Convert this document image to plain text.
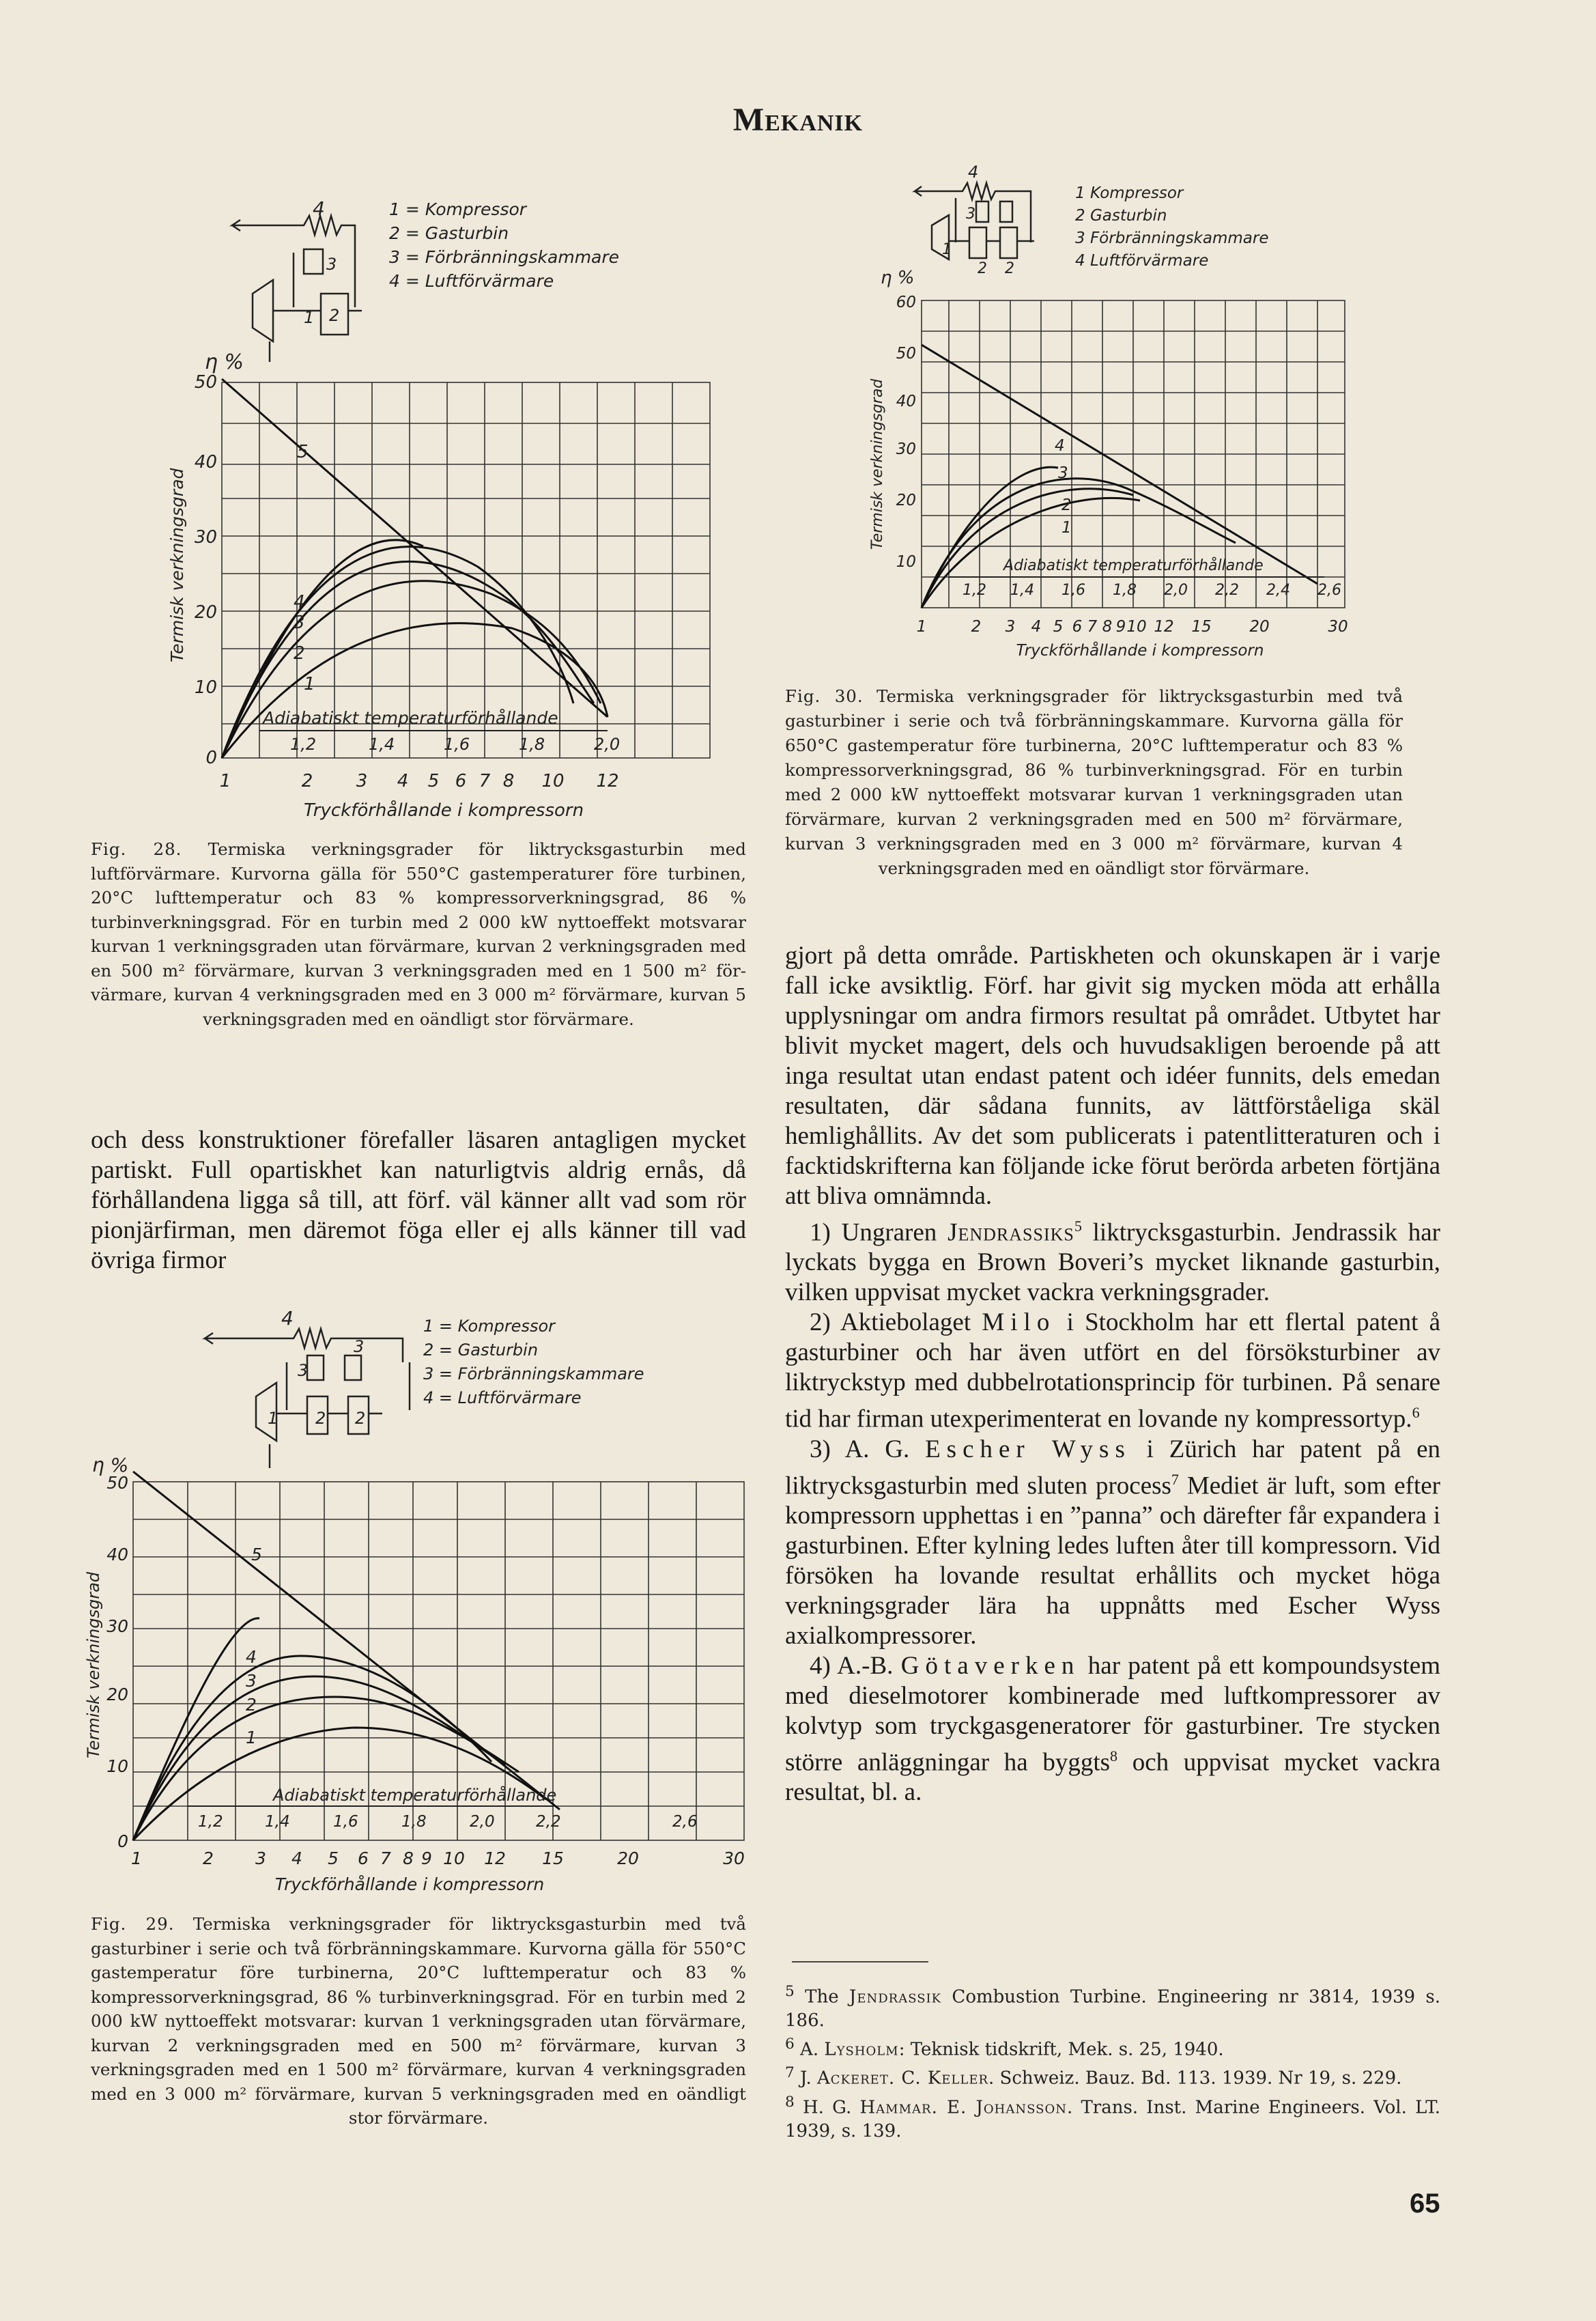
Mekanik
4
1 2
3
1 = Kompressor
2 = Gasturbin
3 = Förbränningskammare
4 = Luftförvärmare
η %
5
4
3
2
1
Adiabatiskt temperaturförhållande
1,2	1,4	1,6	1,8	2,0
0
10
20
30
40
50
Termisk verkningsgrad
1	2 3 4 5 6 7 8 10 12
Tryckförhållande i kompressorn
Fig. 28. Termiska verkningsgrader för liktrycksgasturbin med luftförvärmare. Kurvorna gälla för 550°C gastemperaturer före turbinen, 20°C lufttemperatur och 83 % kompressorverkningsgrad, 86 % turbinverkningsgrad. För en turbin med 2 000 kW nyttoeffekt motsvarar kurvan 1 verkningsgraden utan förvärmare, kurvan 2 verkningsgraden med en 500 m² förvärmare, kurvan 3 verkningsgraden med en 1 500 m² förvärmare, kurvan 4 verkningsgraden med en 3 000 m² förvärmare, kurvan 5 verkningsgraden med en oändligt stor förvärmare.

och dess konstruktioner förefaller läsaren antagligen mycket partiskt. Full opartiskhet kan naturligtvis aldrig ernås, då förhållandena ligga så till, att förf. väl känner allt vad som rör pionjärfirman, men däremot föga eller ej alls känner till vad övriga firmor

4
1 2 2
3
3
1 = Kompressor
2 = Gasturbin
3 = Förbränningskammare
4 = Luftförvärmare
η %
5
4
3
2
1
Adiabatiskt temperaturförhållande
1,2	1,4	1,6	1,8	2,0	2,2	2,6
0
10
20
30
40
50
Termisk verkningsgrad
1	2 3 4 5 6 7 8 9 10 12 15	20	30
Tryckförhållande i kompressorn
Fig. 29. Termiska verkningsgrader för liktrycksgasturbin med två gasturbiner i serie och två förbränningskammare. Kurvorna gälla för 550°C gastemperatur före turbinerna, 20°C lufttemperatur och 83 % kompressorverkningsgrad, 86 % turbinverkningsgrad. För en turbin med 2 000 kW nyttoeffekt motsvarar: kurvan 1 verkningsgraden utan förvärmare, kurvan 2 verkningsgraden med en 500 m² förvärmare, kurvan 3 verkningsgraden med en 1 500 m² förvärmare, kurvan 4 verkningsgraden med en 3 000 m² förvärmare, kurvan 5 verkningsgraden med en oändligt stor förvärmare.
4
1
2 2
3
1 Kompressor
2 Gasturbin
3 Förbränningskammare
4 Luftförvärmare
η %
4
3
2
1
Adiabatiskt temperaturförhållande
1,2 1,4 1,6 1,8 2,0 2,2 2,4 2,6
10
20
30
40
50
60
Termisk verkningsgrad
1	2 3 4 5 6 7 8 9 10 12 15 20	30
Tryckförhållande i kompressorn
Fig. 30. Termiska verkningsgrader för liktrycksgasturbin med två gasturbiner i serie och två förbränningskammare. Kurvorna gälla för 650°C gastemperatur före turbinerna, 20°C lufttemperatur och 83 % kompressorverkningsgrad, 86 % turbinverkningsgrad. För en turbin med 2 000 kW nyttoeffekt motsvarar kurvan 1 verkningsgraden utan förvärmare, kurvan 2 verkningsgraden med en 500 m² förvärmare, kurvan 3 verkningsgraden med en 3 000 m² förvärmare, kurvan 4 verkningsgraden med en oändligt stor förvärmare.

gjort på detta område. Partiskheten och okunskapen är i varje fall icke avsiktlig. Förf. har givit sig mycken möda att erhålla upplysningar om andra firmors resultat på området. Utbytet har blivit mycket magert, dels och huvudsakligen beroende på att inga resultat utan endast patent och idéer funnits, dels emedan resultaten, där sådana funnits, av lättförståeliga skäl hemlighållits. Av det som publicerats i patentlitteraturen och i facktidskrifterna kan följande icke förut berörda arbeten förtjäna att bliva omnämnda.

1) Ungraren Jendrassiks$^5$ liktrycksgasturbin. Jendrassik har lyckats bygga en Brown Boveri’s mycket liknande gasturbin, vilken uppvisat mycket vackra verkningsgrader.

2) Aktiebolaget Milo i Stockholm har ett flertal patent å gasturbiner och har även utfört en del försöksturbiner av liktryckstyp med dubbelrotationsprincip för turbinen. På senare tid har firman utexperimenterat en lovande ny kompressortyp.$^6$

3) A. G. Escher Wyss i Zürich har patent på en liktrycksgasturbin med sluten process$^7$ Mediet är luft, som efter kompressorn upphettas i en ”panna” och därefter får expandera i gasturbinen. Efter kylning ledes luften åter till kompressorn. Vid försöken ha lovande resultat erhållits och mycket höga verkningsgrader lära ha uppnåtts med Escher Wyss axialkompressorer.

4) A.-B. Götaverken har patent på ett kompoundsystem med dieselmotorer kombinerade med luftkompressorer av kolvtyp som tryckgasgeneratorer för gasturbiner. Tre stycken större anläggningar ha byggts$^8$ och uppvisat mycket vackra resultat, bl. a.

$^5$ The Jendrassik Combustion Turbine. Engineering nr 3814, 1939 s. 186.

$^6$ A. Lysholm: Teknisk tidskrift, Mek. s. 25, 1940.

$^7$ J. Ackeret. C. Keller. Schweiz. Bauz. Bd. 113. 1939. Nr 19, s. 229.

$^8$ H. G. Hammar. E. Johansson. Trans. Inst. Marine Engineers. Vol. LT. 1939, s. 139.

65
